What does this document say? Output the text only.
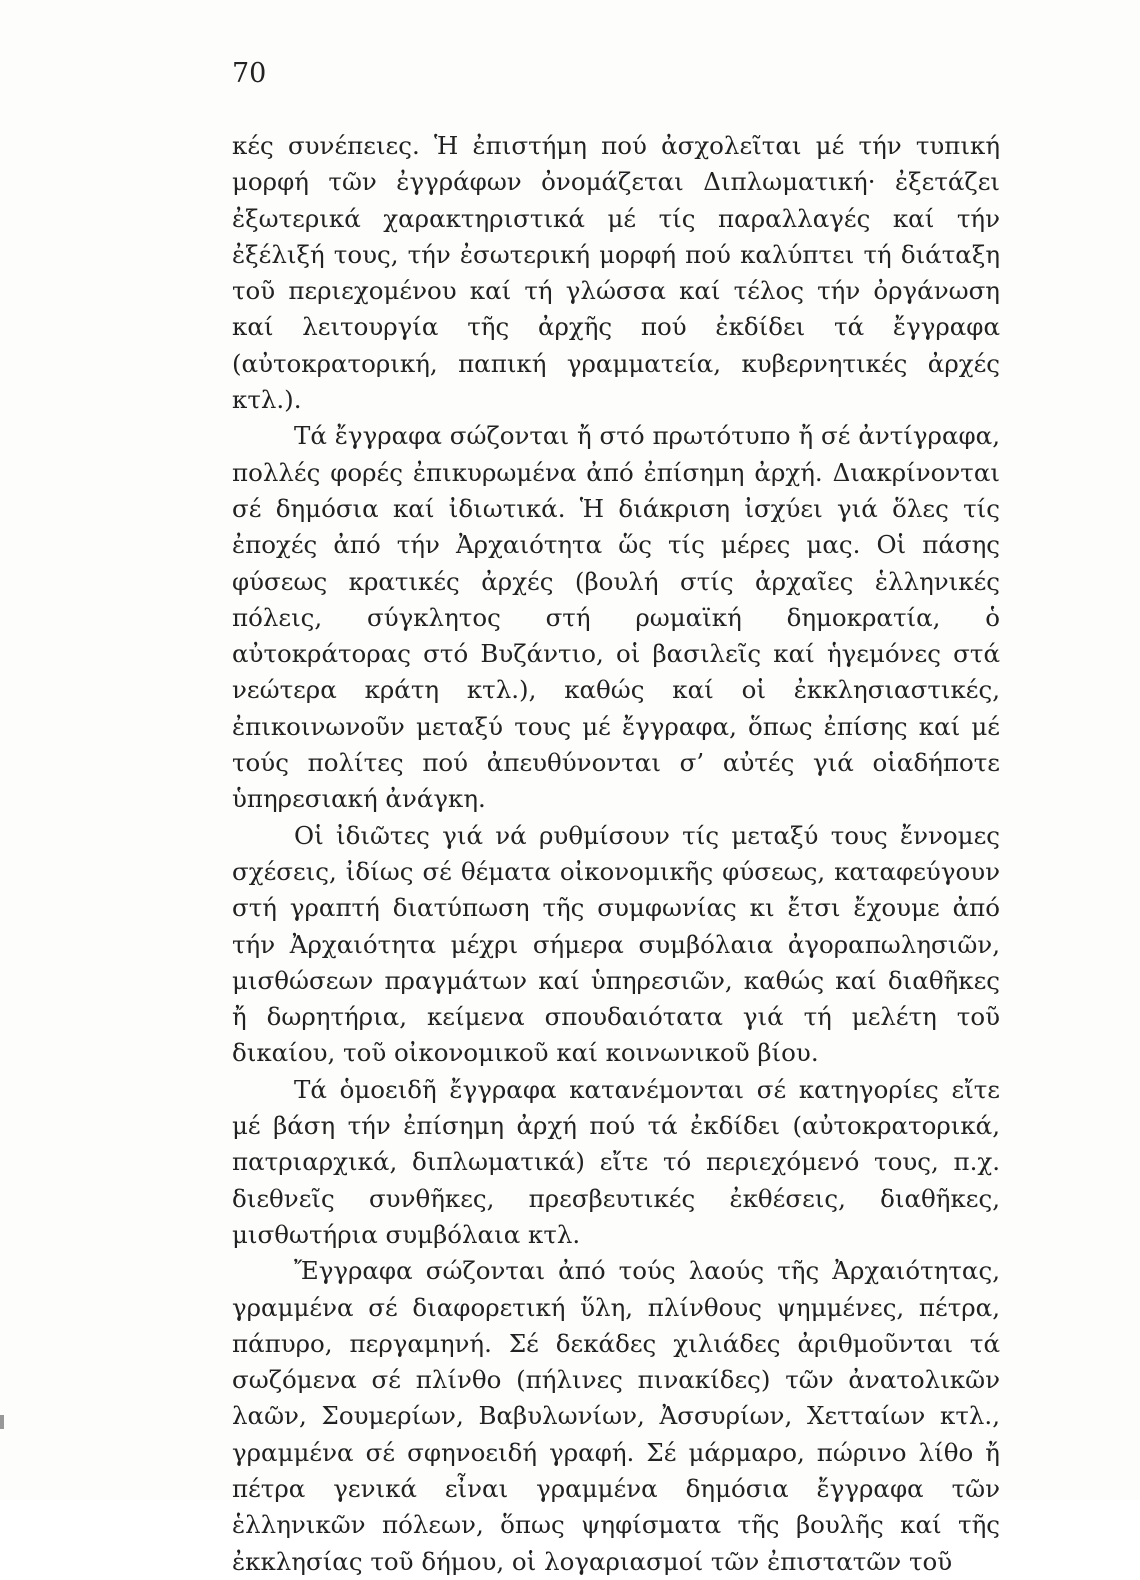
70

κές συνέπειες. Ἡ ἐπιστήμη πού ἀσχολεῖται μέ τήν τυπική μορφή τῶν ἐγγράφων ὀνομάζεται Διπλωματική· ἐξετάζει ἐξωτερικά χαρακτηριστικά μέ τίς παραλλαγές καί τήν ἐξέλιξή τους, τήν ἐσωτερική μορφή πού καλύπτει τή διάταξη τοῦ περιεχομένου καί τή γλώσσα καί τέλος τήν ὀργάνωση καί λειτουργία τῆς ἀρχῆς πού ἐκδίδει τά ἔγγραφα (αὐτοκρατορική, παπική γραμματεία, κυβερνητικές ἀρχές κτλ.).

Τά ἔγγραφα σώζονται ἤ στό πρωτότυπο ἤ σέ ἀντίγραφα, πολλές φορές ἐπικυρωμένα ἀπό ἐπίσημη ἀρχή. Διακρίνονται σέ δημόσια καί ἰδιωτικά. Ἡ διάκριση ἰσχύει γιά ὅλες τίς ἐποχές ἀπό τήν Ἀρχαιότητα ὥς τίς μέρες μας. Οἱ πάσης φύσεως κρατικές ἀρχές (βουλή στίς ἀρχαῖες ἑλληνικές πόλεις, σύγκλητος στή ρωμαϊκή δημοκρατία, ὁ αὐτοκράτορας στό Βυζάντιο, οἱ βασιλεῖς καί ἡγεμόνες στά νεώτερα κράτη κτλ.), καθώς καί οἱ ἐκκλησιαστικές, ἐπικοινωνοῦν μεταξύ τους μέ ἔγγραφα, ὅπως ἐπίσης καί μέ τούς πολίτες πού ἀπευθύνονται σ’ αὐτές γιά οἱαδήποτε ὑπηρεσιακή ἀνάγκη.

Οἱ ἰδιῶτες γιά νά ρυθμίσουν τίς μεταξύ τους ἔννομες σχέσεις, ἰδίως σέ θέματα οἰκονομικῆς φύσεως, καταφεύγουν στή γραπτή διατύπωση τῆς συμφωνίας κι ἔτσι ἔχουμε ἀπό τήν Ἀρχαιότητα μέχρι σήμερα συμβόλαια ἀγοραπωλησιῶν, μισθώσεων πραγμάτων καί ὑπηρεσιῶν, καθώς καί διαθῆκες ἤ δωρητήρια, κείμενα σπουδαιότατα γιά τή μελέτη τοῦ δικαίου, τοῦ οἰκονομικοῦ καί κοινωνικοῦ βίου.

Τά ὁμοειδῆ ἔγγραφα κατανέμονται σέ κατηγορίες εἴτε μέ βάση τήν ἐπίσημη ἀρχή πού τά ἐκδίδει (αὐτοκρατορικά, πατριαρχικά, διπλωματικά) εἴτε τό περιεχόμενό τους, π.χ. διεθνεῖς συνθῆκες, πρεσβευτικές ἐκθέσεις, διαθῆκες, μισθωτήρια συμβόλαια κτλ.

Ἔγγραφα σώζονται ἀπό τούς λαούς τῆς Ἀρχαιότητας, γραμμένα σέ διαφορετική ὕλη, πλίνθους ψημμένες, πέτρα, πάπυρο, περγαμηνή. Σέ δεκάδες χιλιάδες ἀριθμοῦνται τά σωζόμενα σέ πλίνθο (πήλινες πινακίδες) τῶν ἀνατολικῶν λαῶν, Σουμερίων, Βαβυλωνίων, Ἀσσυρίων, Χετταίων κτλ., γραμμένα σέ σφηνοειδή γραφή. Σέ μάρμαρο, πώρινο λίθο ἤ πέτρα γενικά εἶναι γραμμένα δημόσια ἔγγραφα τῶν ἑλληνικῶν πόλεων, ὅπως ψηφίσματα τῆς βουλῆς καί τῆς ἐκκλησίας τοῦ δήμου, οἱ λογαριασμοί τῶν ἐπιστατῶν τοῦ
